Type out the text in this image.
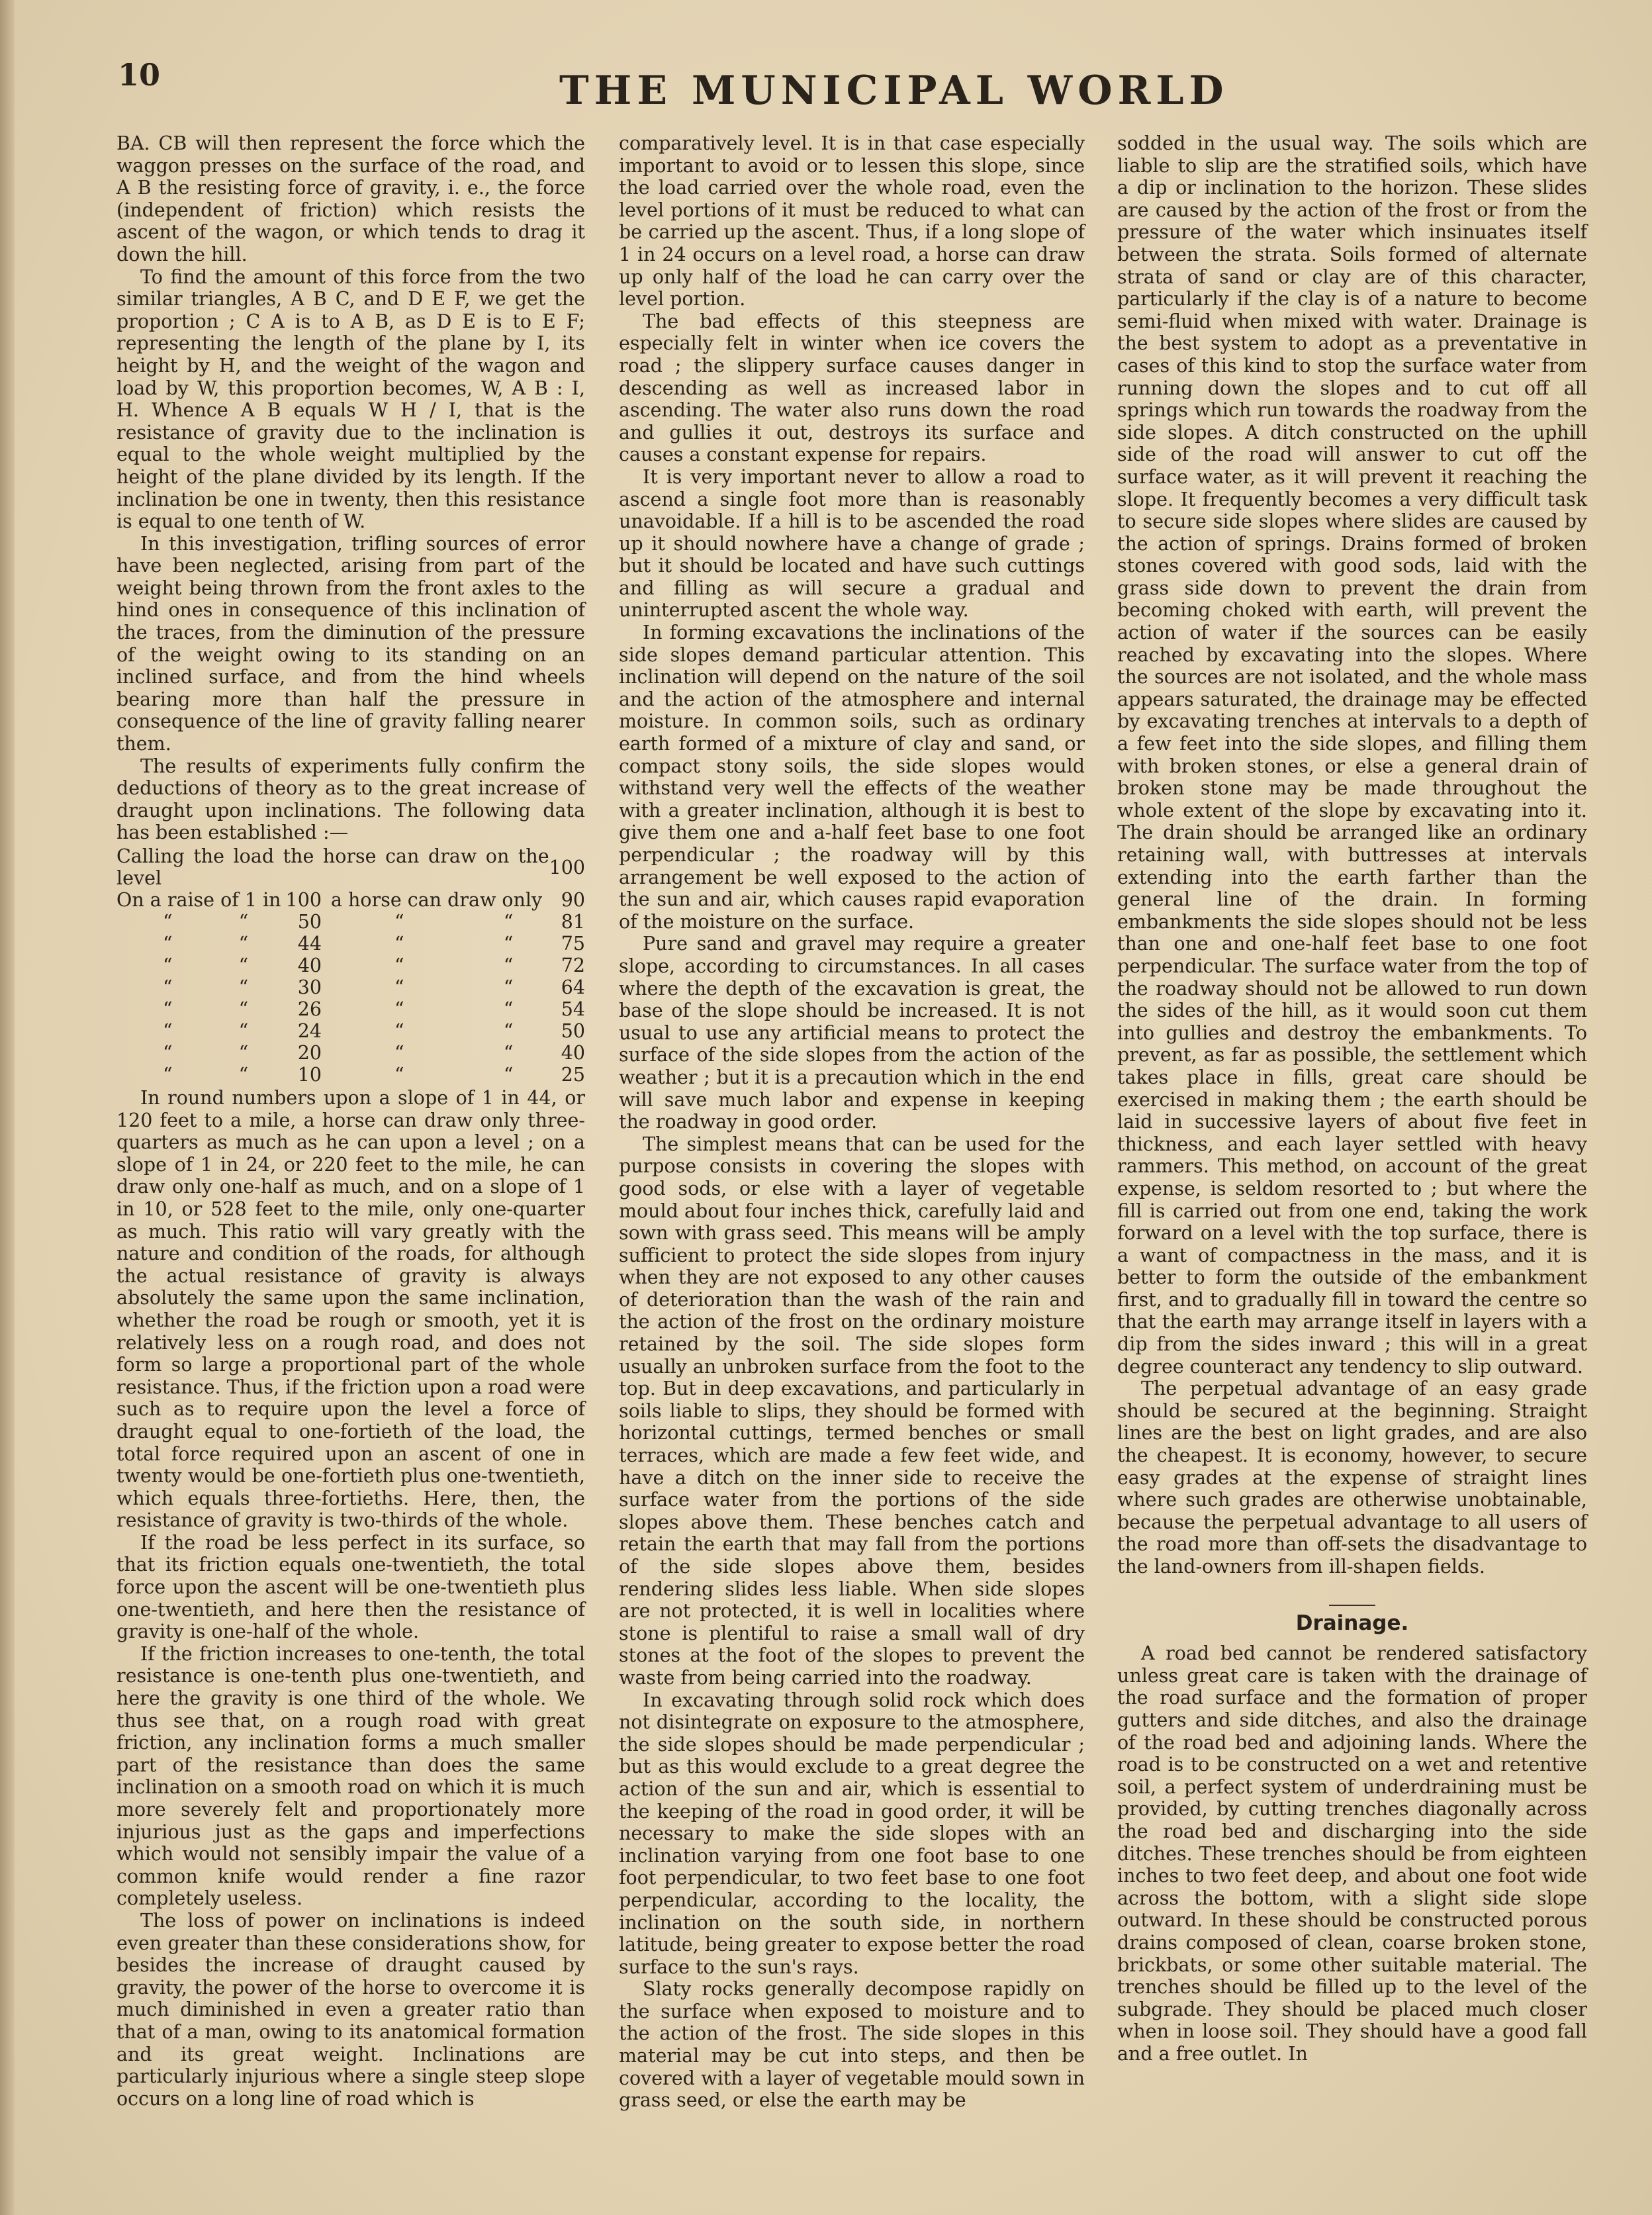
10	THE MUNICIPAL WORLD

BA. CB will then represent the force which the waggon presses on the surface of the road, and A B the resisting force of gravity, i. e., the force (independent of friction) which resists the ascent of the wagon, or which tends to drag it down the hill.

To find the amount of this force from the two similar triangles, A B C, and D E F, we get the proportion ; C A is to A B, as D E is to E F; representing the length of the plane by I, its height by H, and the weight of the wagon and load by W, this proportion becomes, W, A B : I, H. Whence A B equals W H / I, that is the resistance of gravity due to the inclination is equal to the whole weight multiplied by the height of the plane divided by its length. If the inclination be one in twenty, then this resistance is equal to one tenth of W.

In this investigation, trifling sources of error have been neglected, arising from part of the weight being thrown from the front axles to the hind ones in consequence of this inclination of the traces, from the diminution of the pressure of the weight owing to its standing on an inclined surface, and from the hind wheels bearing more than half the pressure in consequence of the line of gravity falling nearer them.

The results of experiments fully confirm the deductions of theory as to the great increase of draught upon inclinations. The following data has been established :—

Calling the load the horse can draw on the level				100
On a raise of 1 in	100	a horse can draw only		90
“ “	50	“	“	81
“ “	44	“	“	75
“ “	40	“	“	72
“ “	30	“	“	64
“ “	26	“	“	54
“ “	24	“	“	50
“ “	20	“	“	40
“ “	10	“	“	25

In round numbers upon a slope of 1 in 44, or 120 feet to a mile, a horse can draw only three-quarters as much as he can upon a level ; on a slope of 1 in 24, or 220 feet to the mile, he can draw only one-half as much, and on a slope of 1 in 10, or 528 feet to the mile, only one-quarter as much. This ratio will vary greatly with the nature and condition of the roads, for although the actual resistance of gravity is always absolutely the same upon the same inclination, whether the road be rough or smooth, yet it is relatively less on a rough road, and does not form so large a proportional part of the whole resistance. Thus, if the friction upon a road were such as to require upon the level a force of draught equal to one-fortieth of the load, the total force required upon an ascent of one in twenty would be one-fortieth plus one-twentieth, which equals three-fortieths. Here, then, the resistance of gravity is two-thirds of the whole.

If the road be less perfect in its surface, so that its friction equals one-twentieth, the total force upon the ascent will be one-twentieth plus one-twentieth, and here then the resistance of gravity is one-half of the whole.

If the friction increases to one-tenth, the total resistance is one-tenth plus one-twentieth, and here the gravity is one third of the whole. We thus see that, on a rough road with great friction, any inclination forms a much smaller part of the resistance than does the same inclination on a smooth road on which it is much more severely felt and proportionately more injurious just as the gaps and imperfections which would not sensibly impair the value of a common knife would render a fine razor completely useless.

The loss of power on inclinations is indeed even greater than these considerations show, for besides the increase of draught caused by gravity, the power of the horse to overcome it is much diminished in even a greater ratio than that of a man, owing to its anatomical formation and its great weight. Inclinations are particularly injurious where a single steep slope occurs on a long line of road which is

comparatively level. It is in that case especially important to avoid or to lessen this slope, since the load carried over the whole road, even the level portions of it must be reduced to what can be carried up the ascent. Thus, if a long slope of 1 in 24 occurs on a level road, a horse can draw up only half of the load he can carry over the level portion.

The bad effects of this steepness are especially felt in winter when ice covers the road ; the slippery surface causes danger in descending as well as increased labor in ascending. The water also runs down the road and gullies it out, destroys its surface and causes a constant expense for repairs.

It is very important never to allow a road to ascend a single foot more than is reasonably unavoidable. If a hill is to be ascended the road up it should nowhere have a change of grade ; but it should be located and have such cuttings and filling as will secure a gradual and uninterrupted ascent the whole way.

In forming excavations the inclinations of the side slopes demand particular attention. This inclination will depend on the nature of the soil and the action of the atmosphere and internal moisture. In common soils, such as ordinary earth formed of a mixture of clay and sand, or compact stony soils, the side slopes would withstand very well the effects of the weather with a greater inclination, although it is best to give them one and a-half feet base to one foot perpendicular ; the roadway will by this arrangement be well exposed to the action of the sun and air, which causes rapid evaporation of the moisture on the surface.

Pure sand and gravel may require a greater slope, according to circumstances. In all cases where the depth of the excavation is great, the base of the slope should be increased. It is not usual to use any artificial means to protect the surface of the side slopes from the action of the weather ; but it is a precaution which in the end will save much labor and expense in keeping the roadway in good order.

The simplest means that can be used for the purpose consists in covering the slopes with good sods, or else with a layer of vegetable mould about four inches thick, carefully laid and sown with grass seed. This means will be amply sufficient to protect the side slopes from injury when they are not exposed to any other causes of deterioration than the wash of the rain and the action of the frost on the ordinary moisture retained by the soil. The side slopes form usually an unbroken surface from the foot to the top. But in deep excavations, and particularly in soils liable to slips, they should be formed with horizontal cuttings, termed benches or small terraces, which are made a few feet wide, and have a ditch on the inner side to receive the surface water from the portions of the side slopes above them. These benches catch and retain the earth that may fall from the portions of the side slopes above them, besides rendering slides less liable. When side slopes are not protected, it is well in localities where stone is plentiful to raise a small wall of dry stones at the foot of the slopes to prevent the waste from being carried into the roadway.

In excavating through solid rock which does not disintegrate on exposure to the atmosphere, the side slopes should be made perpendicular ; but as this would exclude to a great degree the action of the sun and air, which is essential to the keeping of the road in good order, it will be necessary to make the side slopes with an inclination varying from one foot base to one foot perpendicular, to two feet base to one foot perpendicular, according to the locality, the inclination on the south side, in northern latitude, being greater to expose better the road surface to the sun's rays.

Slaty rocks generally decompose rapidly on the surface when exposed to moisture and to the action of the frost. The side slopes in this material may be cut into steps, and then be covered with a layer of vegetable mould sown in grass seed, or else the earth may be

sodded in the usual way. The soils which are liable to slip are the stratified soils, which have a dip or inclination to the horizon. These slides are caused by the action of the frost or from the pressure of the water which insinuates itself between the strata. Soils formed of alternate strata of sand or clay are of this character, particularly if the clay is of a nature to become semi-fluid when mixed with water. Drainage is the best system to adopt as a preventative in cases of this kind to stop the surface water from running down the slopes and to cut off all springs which run towards the roadway from the side slopes. A ditch constructed on the uphill side of the road will answer to cut off the surface water, as it will prevent it reaching the slope. It frequently becomes a very difficult task to secure side slopes where slides are caused by the action of springs. Drains formed of broken stones covered with good sods, laid with the grass side down to prevent the drain from becoming choked with earth, will prevent the action of water if the sources can be easily reached by excavating into the slopes. Where the sources are not isolated, and the whole mass appears saturated, the drainage may be effected by excavating trenches at intervals to a depth of a few feet into the side slopes, and filling them with broken stones, or else a general drain of broken stone may be made throughout the whole extent of the slope by excavating into it. The drain should be arranged like an ordinary retaining wall, with buttresses at intervals extending into the earth farther than the general line of the drain. In forming embankments the side slopes should not be less than one and one-half feet base to one foot perpendicular. The surface water from the top of the roadway should not be allowed to run down the sides of the hill, as it would soon cut them into gullies and destroy the embankments. To prevent, as far as possible, the settlement which takes place in fills, great care should be exercised in making them ; the earth should be laid in successive layers of about five feet in thickness, and each layer settled with heavy rammers. This method, on account of the great expense, is seldom resorted to ; but where the fill is carried out from one end, taking the work forward on a level with the top surface, there is a want of compactness in the mass, and it is better to form the outside of the embankment first, and to gradually fill in toward the centre so that the earth may arrange itself in layers with a dip from the sides inward ; this will in a great degree counteract any tendency to slip outward.

The perpetual advantage of an easy grade should be secured at the beginning. Straight lines are the best on light grades, and are also the cheapest. It is economy, however, to secure easy grades at the expense of straight lines where such grades are otherwise unobtainable, because the perpetual advantage to all users of the road more than off-sets the disadvantage to the land-owners from ill-shapen fields.

Drainage.

A road bed cannot be rendered satisfactory unless great care is taken with the drainage of the road surface and the formation of proper gutters and side ditches, and also the drainage of the road bed and adjoining lands. Where the road is to be constructed on a wet and retentive soil, a perfect system of underdraining must be provided, by cutting trenches diagonally across the road bed and discharging into the side ditches. These trenches should be from eighteen inches to two feet deep, and about one foot wide across the bottom, with a slight side slope outward. In these should be constructed porous drains composed of clean, coarse broken stone, brickbats, or some other suitable material. The trenches should be filled up to the level of the subgrade. They should be placed much closer when in loose soil. They should have a good fall and a free outlet. In
